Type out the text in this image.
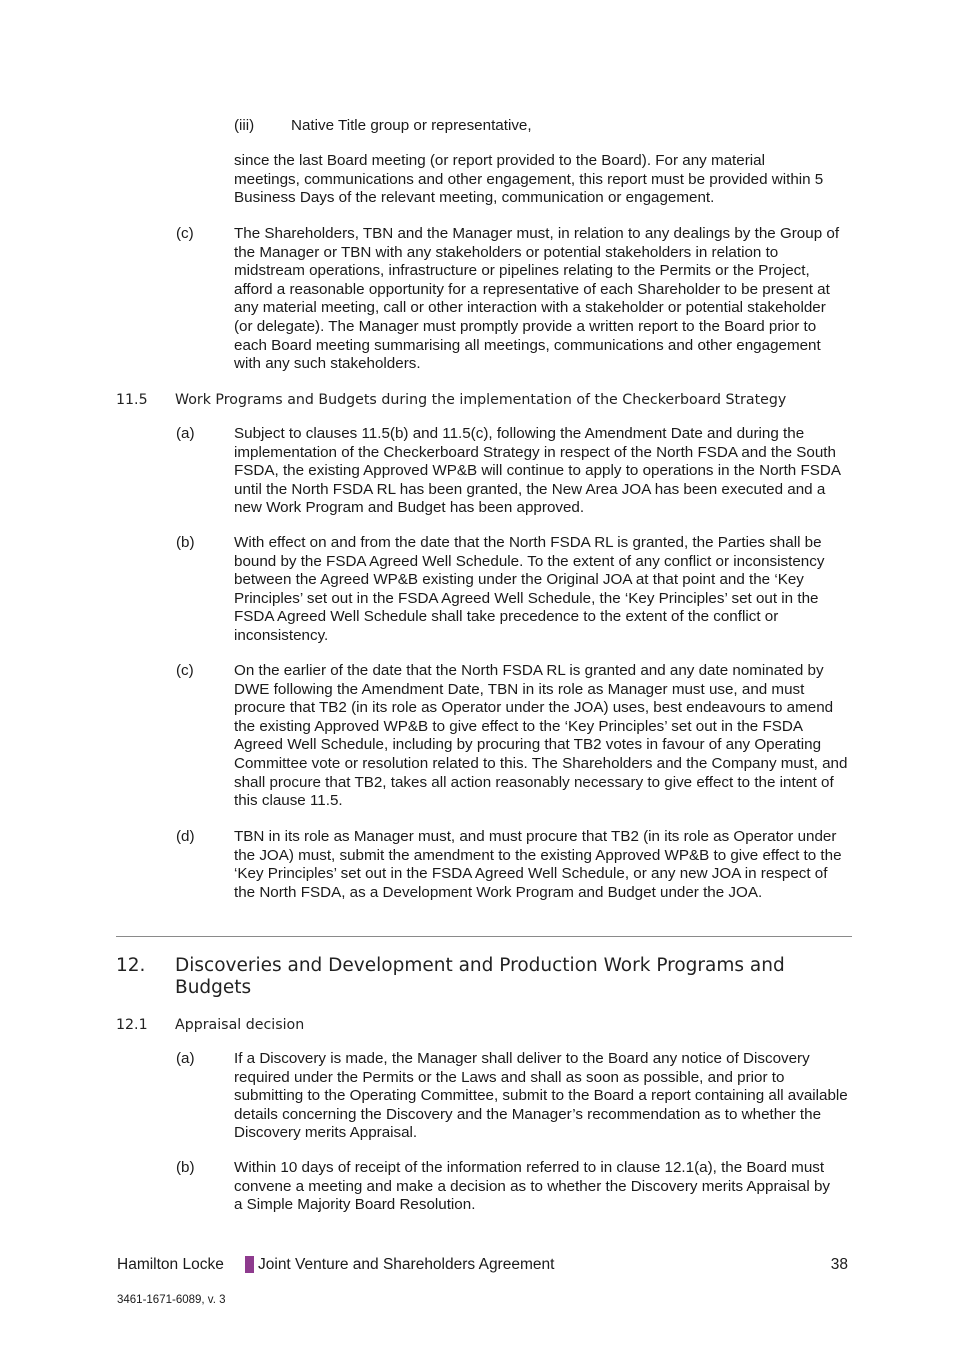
(iii) Native Title group or representative,
since the last Board meeting (or report provided to the Board). For any material meetings, communications and other engagement, this report must be provided within 5 Business Days of the relevant meeting, communication or engagement.
(c)	The Shareholders, TBN and the Manager must, in relation to any dealings by the Group of the Manager or TBN with any stakeholders or potential stakeholders in relation to midstream operations, infrastructure or pipelines relating to the Permits or the Project, afford a reasonable opportunity for a representative of each Shareholder to be present at any material meeting, call or other interaction with a stakeholder or potential stakeholder (or delegate). The Manager must promptly provide a written report to the Board prior to each Board meeting summarising all meetings, communications and other engagement with any such stakeholders.
11.5 Work Programs and Budgets during the implementation of the Checkerboard Strategy
(a)	Subject to clauses 11.5(b) and 11.5(c), following the Amendment Date and during the implementation of the Checkerboard Strategy in respect of the North FSDA and the South FSDA, the existing Approved WP&B will continue to apply to operations in the North FSDA until the North FSDA RL has been granted, the New Area JOA has been executed and a new Work Program and Budget has been approved.
(b)	With effect on and from the date that the North FSDA RL is granted, the Parties shall be bound by the FSDA Agreed Well Schedule. To the extent of any conflict or inconsistency between the Agreed WP&B existing under the Original JOA at that point and the ‘Key Principles’ set out in the FSDA Agreed Well Schedule, the ‘Key Principles’ set out in the FSDA Agreed Well Schedule shall take precedence to the extent of the conflict or inconsistency.
(c)	On the earlier of the date that the North FSDA RL is granted and any date nominated by DWE following the Amendment Date, TBN in its role as Manager must use, and must procure that TB2 (in its role as Operator under the JOA) uses, best endeavours to amend the existing Approved WP&B to give effect to the ‘Key Principles’ set out in the FSDA Agreed Well Schedule, including by procuring that TB2 votes in favour of any Operating Committee vote or resolution related to this. The Shareholders and the Company must, and shall procure that TB2, takes all action reasonably necessary to give effect to the intent of this clause 11.5.
(d)	TBN in its role as Manager must, and must procure that TB2 (in its role as Operator under the JOA) must, submit the amendment to the existing Approved WP&B to give effect to the ‘Key Principles’ set out in the FSDA Agreed Well Schedule, or any new JOA in respect of the North FSDA, as a Development Work Program and Budget under the JOA.
12. Discoveries and Development and Production Work Programs and Budgets
12.1 Appraisal decision
(a)	If a Discovery is made, the Manager shall deliver to the Board any notice of Discovery required under the Permits or the Laws and shall as soon as possible, and prior to submitting to the Operating Committee, submit to the Board a report containing all available details concerning the Discovery and the Manager’s recommendation as to whether the Discovery merits Appraisal.
(b)	Within 10 days of receipt of the information referred to in clause 12.1(a), the Board must convene a meeting and make a decision as to whether the Discovery merits Appraisal by a Simple Majority Board Resolution.
Hamilton Locke Joint Venture and Shareholders Agreement	38
3461-1671-6089, v. 3
